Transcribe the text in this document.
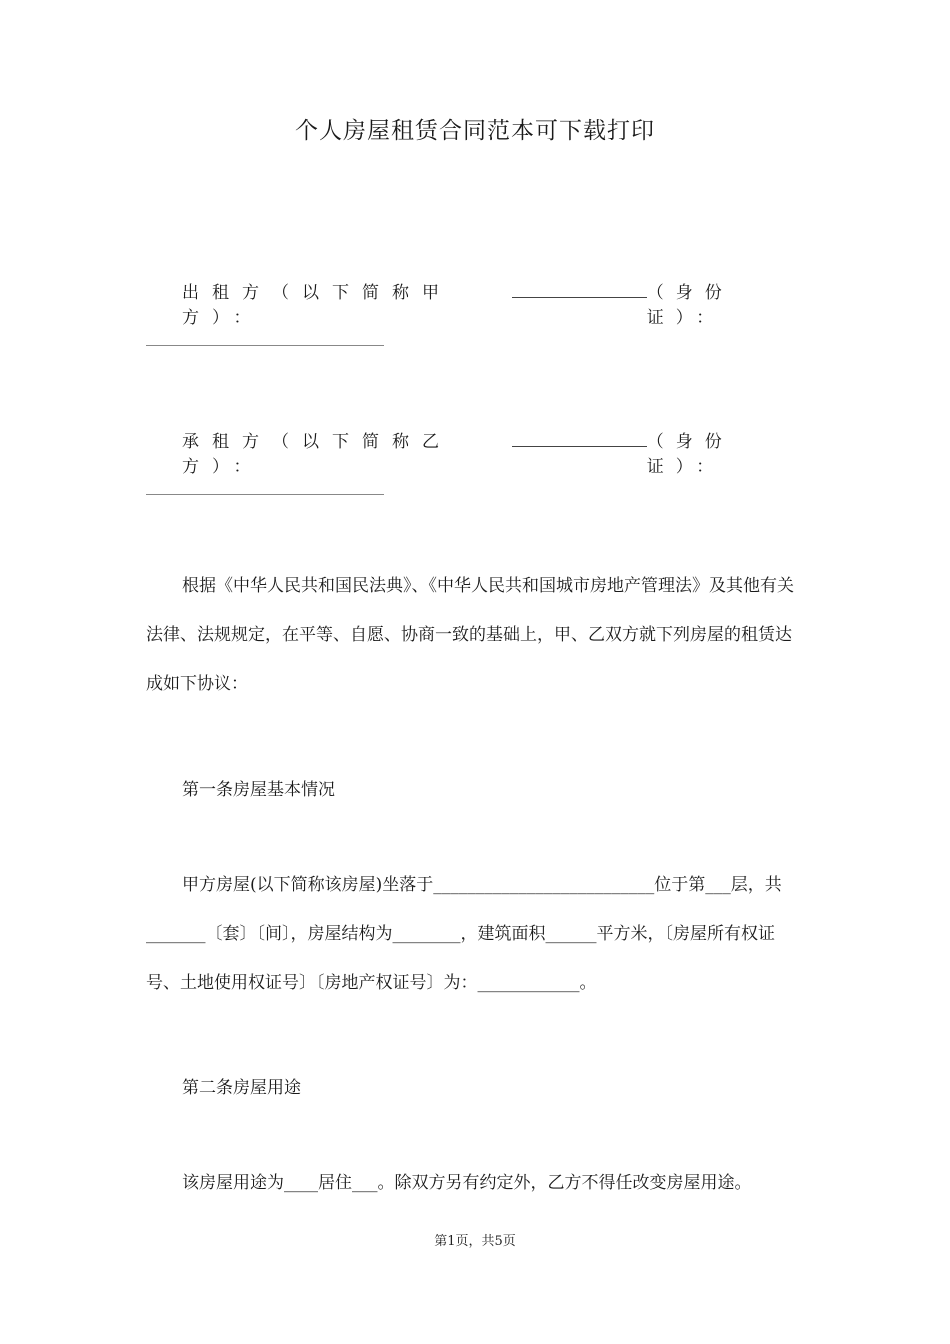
个人房屋租赁合同范本可下载打印
出租方（以下简称甲方）：
（身份证）：
承租方（以下简称乙方）：
（身份证）：
根据《中华人民共和国民法典》、《中华人民共和国城市房地产管理法》及其他有关法律、法规规定，在平等、自愿、协商一致的基础上，甲、乙双方就下列房屋的租赁达成如下协议：
第一条房屋基本情况
甲方房屋(以下简称该房屋)坐落于__________________________位于第___层，共_______〔套〕〔间〕，房屋结构为________，建筑面积______平方米，〔房屋所有权证号、土地使用权证号〕〔房地产权证号〕为：____________。
第二条房屋用途
该房屋用途为____居住___。除双方另有约定外，乙方不得任改变房屋用途。
第1页，共5页
